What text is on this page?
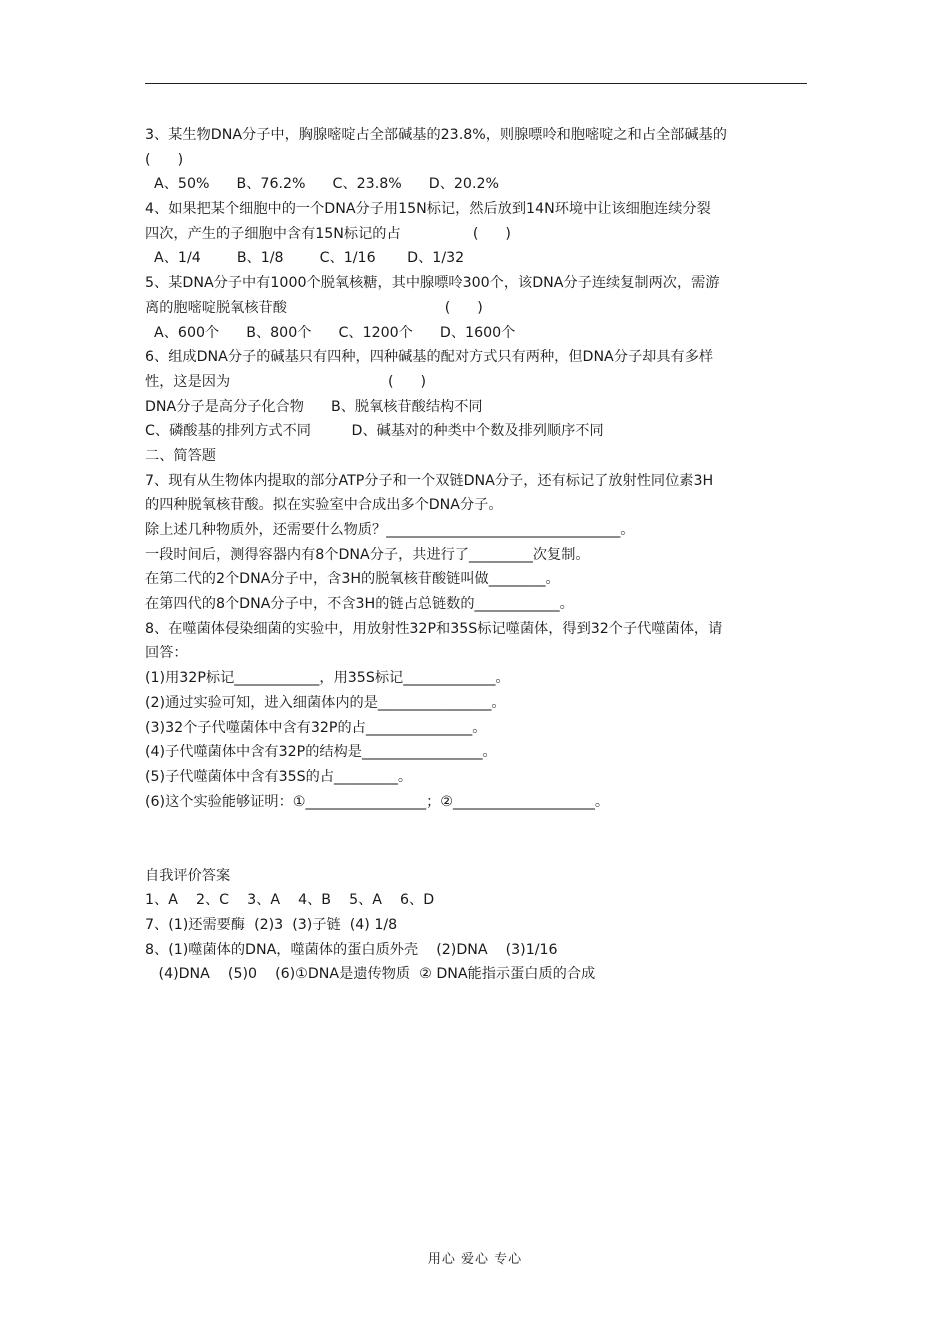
3、某生物DNA分子中，胸腺嘧啶占全部碱基的23.8%，则腺嘌呤和胞嘧啶之和占全部碱基的
(      )
A、50%      B、76.2%      C、23.8%      D、20.2%
4、如果把某个细胞中的一个DNA分子用15N标记，然后放到14N环境中让该细胞连续分裂
四次，产生的子细胞中含有15N标记的占                (      )
A、1/4        B、1/8        C、1/16       D、1/32
5、某DNA分子中有1000个脱氧核糖，其中腺嘌呤300个，该DNA分子连续复制两次，需游
离的胞嘧啶脱氧核苷酸                                   (      )
A、600个      B、800个      C、1200个      D、1600个
6、组成DNA分子的碱基只有四种，四种碱基的配对方式只有两种，但DNA分子却具有多样
性，这是因为                                   (      )
DNA分子是高分子化合物      B、脱氧核苷酸结构不同
C、磷酸基的排列方式不同         D、碱基对的种类中个数及排列顺序不同
二、简答题
7、现有从生物体内提取的部分ATP分子和一个双链DNA分子，还有标记了放射性同位素3H
的四种脱氧核苷酸。拟在实验室中合成出多个DNA分子。
除上述几种物质外，还需要什么物质？_________________________________。
一段时间后，测得容器内有8个DNA分子，共进行了_________次复制。
在第二代的2个DNA分子中，含3H的脱氧核苷酸链叫做________。
在第四代的8个DNA分子中，不含3H的链占总链数的____________。
8、在噬菌体侵染细菌的实验中，用放射性32P和35S标记噬菌体，得到32个子代噬菌体，请
回答：
(1)用32P标记____________，用35S标记_____________。
(2)通过实验可知，进入细菌体内的是________________。
(3)32个子代噬菌体中含有32P的占_______________。
(4)子代噬菌体中含有32P的结构是_________________。
(5)子代噬菌体中含有35S的占_________。
(6)这个实验能够证明：①_________________；②____________________。
自我评价答案
1、A    2、C    3、A    4、B    5、A    6、D
7、(1)还需要酶  (2)3  (3)子链  (4) 1/8
8、(1)噬菌体的DNA，噬菌体的蛋白质外壳    (2)DNA    (3)1/16
(4)DNA    (5)0    (6)①DNA是遗传物质  ② DNA能指示蛋白质的合成
用心 爱心 专心
